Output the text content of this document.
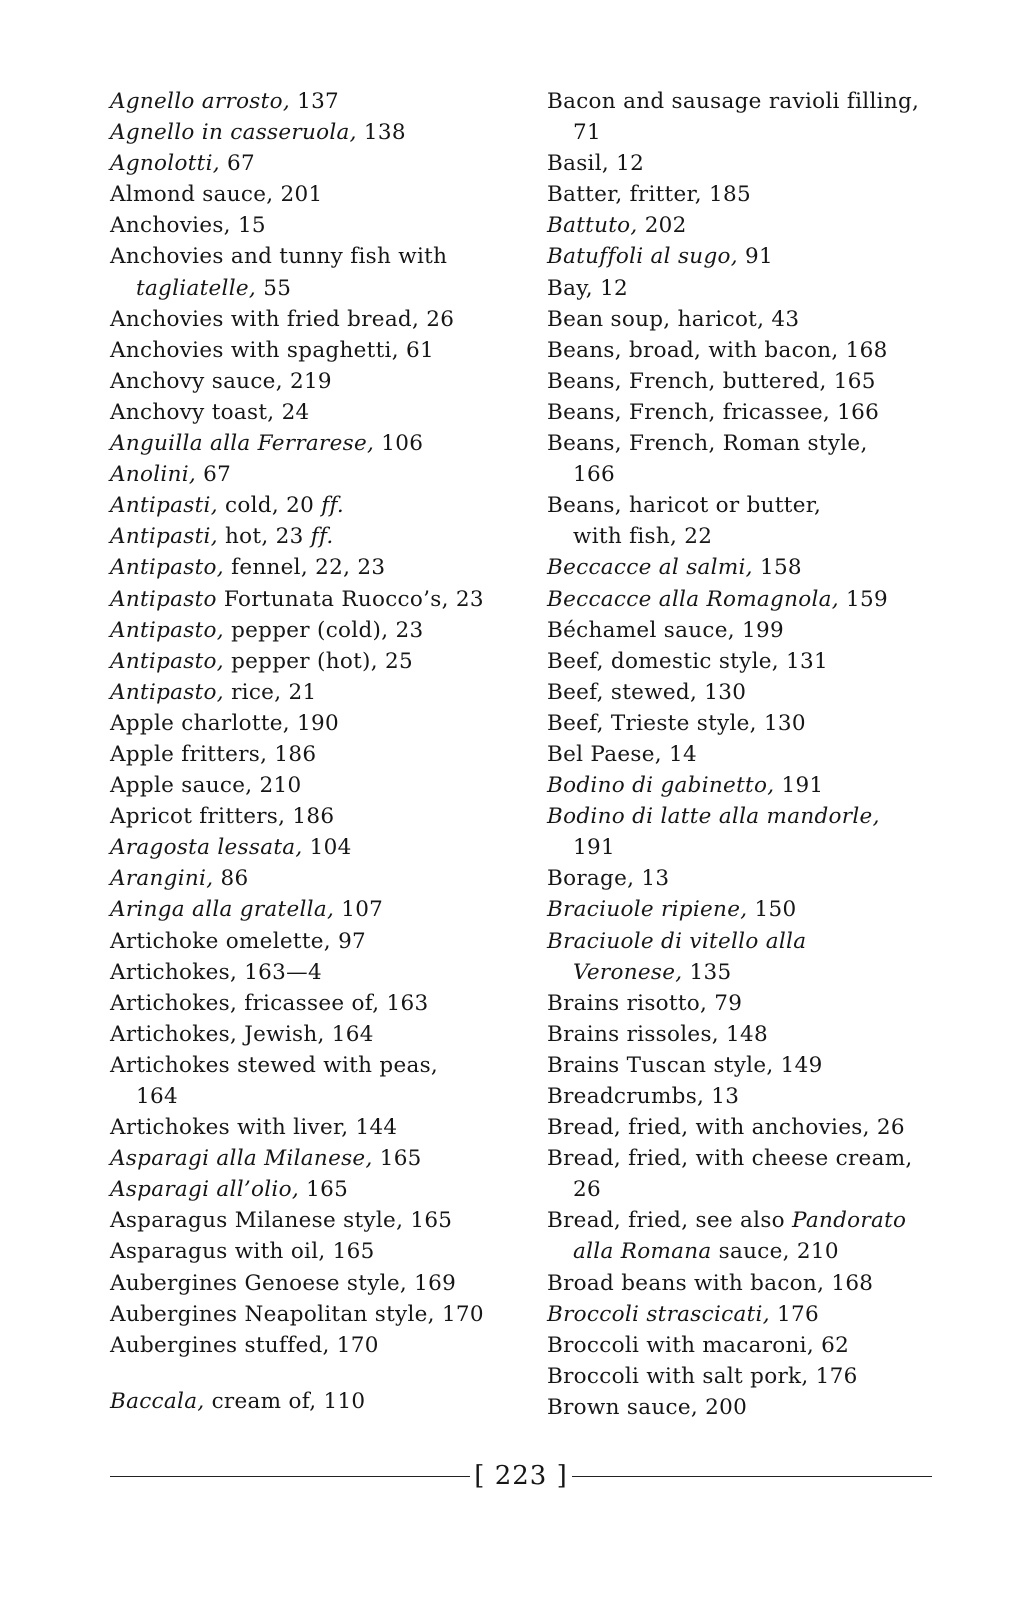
Agnello arrosto, 137
Agnello in casseruola, 138
Agnolotti, 67
Almond sauce, 201
Anchovies, 15
Anchovies and tunny fish with
tagliatelle, 55
Anchovies with fried bread, 26
Anchovies with spaghetti, 61
Anchovy sauce, 219
Anchovy toast, 24
Anguilla alla Ferrarese, 106
Anolini, 67
Antipasti, cold, 20 ff.
Antipasti, hot, 23 ff.
Antipasto, fennel, 22, 23
Antipasto Fortunata Ruocco’s, 23
Antipasto, pepper (cold), 23
Antipasto, pepper (hot), 25
Antipasto, rice, 21
Apple charlotte, 190
Apple fritters, 186
Apple sauce, 210
Apricot fritters, 186
Aragosta lessata, 104
Arangini, 86
Aringa alla gratella, 107
Artichoke omelette, 97
Artichokes, 163—4
Artichokes, fricassee of, 163
Artichokes, Jewish, 164
Artichokes stewed with peas,
164
Artichokes with liver, 144
Asparagi alla Milanese, 165
Asparagi all’olio, 165
Asparagus Milanese style, 165
Asparagus with oil, 165
Aubergines Genoese style, 169
Aubergines Neapolitan style, 170
Aubergines stuffed, 170
Baccala, cream of, 110
Bacon and sausage ravioli filling,
71
Basil, 12
Batter, fritter, 185
Battuto, 202
Batuffoli al sugo, 91
Bay, 12
Bean soup, haricot, 43
Beans, broad, with bacon, 168
Beans, French, buttered, 165
Beans, French, fricassee, 166
Beans, French, Roman style,
166
Beans, haricot or butter,
with fish, 22
Beccacce al salmi, 158
Beccacce alla Romagnola, 159
Béchamel sauce, 199
Beef, domestic style, 131
Beef, stewed, 130
Beef, Trieste style, 130
Bel Paese, 14
Bodino di gabinetto, 191
Bodino di latte alla mandorle,
191
Borage, 13
Braciuole ripiene, 150
Braciuole di vitello alla
Veronese, 135
Brains risotto, 79
Brains rissoles, 148
Brains Tuscan style, 149
Breadcrumbs, 13
Bread, fried, with anchovies, 26
Bread, fried, with cheese cream,
26
Bread, fried, see also Pandorato
alla Romana sauce, 210
Broad beans with bacon, 168
Broccoli strascicati, 176
Broccoli with macaroni, 62
Broccoli with salt pork, 176
Brown sauce, 200
[ 223 ]
